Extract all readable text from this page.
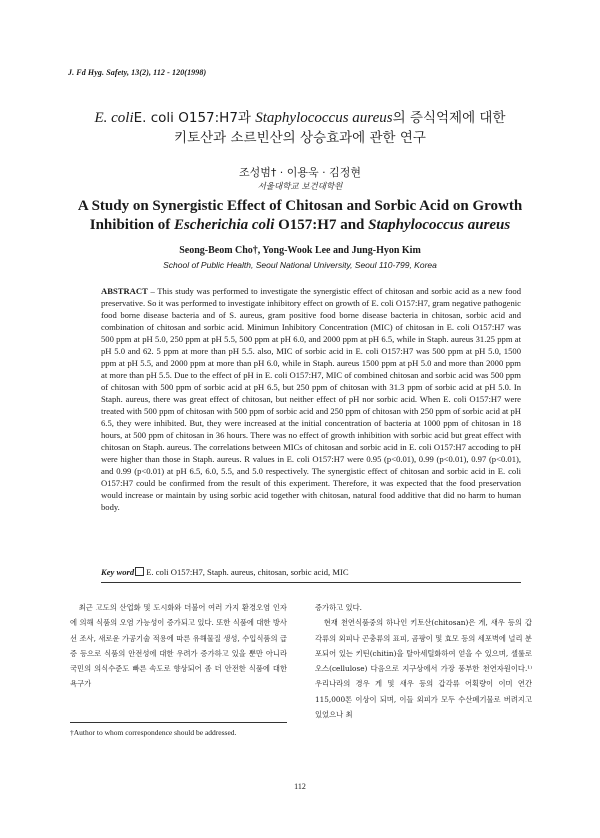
J. Fd Hyg. Safety, 13(2), 112 - 120(1998)
E. coliE. coli O157:H7과 Staphylococcus aureus의 증식억제에 대한
키토산과 소르빈산의 상승효과에 관한 연구
조성범† · 이용욱 · 김정현
서울대학교 보건대학원
A Study on Synergistic Effect of Chitosan and Sorbic Acid on Growth
Inhibition of Escherichia coli O157:H7 and Staphylococcus aureus
Seong-Beom Cho†, Yong-Wook Lee and Jung-Hyon Kim
School of Public Health, Seoul National University, Seoul 110-799, Korea
ABSTRACT – This study was performed to investigate the synergistic effect of chitosan and sorbic acid as a new food preservative. So it was performed to investigate inhibitory effect on growth of E. coli O157:H7, gram negative pathogenic food borne disease bacteria and of S. aureus, gram positive food borne disease bacteria in chitosan, sorbic acid and combination of chitosan and sorbic acid. Minimun Inhibitory Concentration (MIC) of chitosan in E. coli O157:H7 was 500 ppm at pH 5.0, 250 ppm at pH 5.5, 500 ppm at pH 6.0, and 2000 ppm at pH 6.5, while in Staph. aureus 31.25 ppm at pH 5.0 and 62. 5 ppm at more than pH 5.5. also, MIC of sorbic acid in E. coli O157:H7 was 500 ppm at pH 5.0, 1500 ppm at pH 5.5, and 2000 ppm at more than pH 6.0, while in Staph. aureus 1500 ppm at pH 5.0 and more than 2000 ppm at more than pH 5.5. Due to the effect of pH in E. coli O157:H7, MIC of combined chitosan and sorbic acid was 500 ppm of chitosan with 500 ppm of sorbic acid at pH 6.5, but 250 ppm of chitosan with 31.3 ppm of sorbic acid at pH 5.0. In Staph. aureus, there was great effect of chitosan, but neither effect of pH nor sorbic acid. When E. coli O157:H7 were treated with 500 ppm of chitosan with 500 ppm of sorbic acid and 250 ppm of chitosan with 250 ppm of sorbic acid at pH 6.5, they were inhibited. But, they were increased at the initial concentration of bacteria at 1000 ppm of chitosan in 18 hours, at 500 ppm of chitosan in 36 hours. There was no effect of growth inhibition with sorbic acid but great effect with chitosan on Staph. aureus. The correlations between MICs of chitosan and sorbic acid in E. coli O157:H7 accoding to pH were higher than those in Staph. aureus. R values in E. coli O157:H7 were 0.95 (p<0.01), 0.99 (p<0.01), 0.97 (p<0.01), and 0.99 (p<0.01) at pH 6.5, 6.0, 5.5, and 5.0 respectively. The synergistic effect of chitosan and sorbic acid in E. coli O157:H7 could be confirmed from the result of this experiment. Therefore, it was expected that the food preservation would increase or maintain by using sorbic acid together with chitosan, natural food additive that did no harm to human body.
Key word E. coli O157:H7, Staph. aureus, chitosan, sorbic acid, MIC

최근 고도의 산업화 및 도시화와 더불어 여러 가지 환경오염 인자에 의해 식품의 오염 가능성이 증가되고 있다. 또한 식품에 대한 방사선 조사, 새로운 가공기술 적용에 따른 유해물질 생성, 수입식품의 급증 등으로 식품의 안전성에 대한 우려가 증가하고 있을 뿐만 아니라 국민의 의식수준도 빠른 속도로 향상되어 좀 더 안전한 식품에 대한 욕구가

증가하고 있다.

현재 천연식품중의 하나인 키토산(chitosan)은 게, 새우 등의 갑각류의 외피나 곤충류의 표피, 곰팡이 및 효모 등의 세포벽에 널리 분포되어 있는 키틴(chitin)을 탈아세틸화하여 얻을 수 있으며, 셀룰로오스(cellulose) 다음으로 지구상에서 가장 풍부한 천연자원이다.¹⁾ 우리나라의 경우 게 및 새우 등의 갑각류 어획량이 이미 연간 115,000톤 이상이 되며, 이들 외피가 모두 수산폐기물로 버려지고 있었으나 최

†Author to whom correspondence should be addressed.
112
